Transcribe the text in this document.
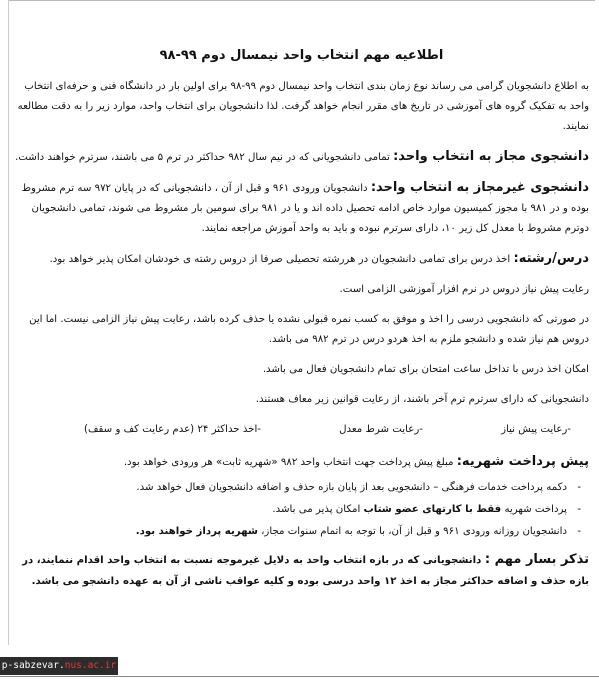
اطلاعیه مهم انتخاب واحد نیمسال دوم ۹۹-۹۸

به اطلاع دانشجویان گرامی می رساند نوع زمان بندی انتخاب واحد نیمسال دوم ۹۹-۹۸ برای اولین بار در دانشگاه فنی و حرفه‌ای انتخاب واحد به تفکیک گروه های آموزشی در تاریخ های مقرر انجام خواهد گرفت. لذا دانشجویان برای انتخاب واحد، موارد زیر را به دقت مطالعه نمایند.

دانشجوی مجاز به انتخاب واحد: تمامی دانشجویانی که در نیم سال ۹۸۲ حداکثر در ترم ۵ می باشند، سرترم خواهند داشت.

دانشجوی غیرمجاز به انتخاب واحد: دانشجویان ورودی ۹۶۱ و قبل از آن ، دانشجویانی که در پایان ۹۷۲ سه ترم مشروط بوده و در ۹۸۱ با مجوز کمیسیون موارد خاص ادامه تحصیل داده اند و یا در ۹۸۱ برای سومین بار مشروط می شوند، تمامی دانشجویان دوترم مشروط با معدل کل زیر ۱۰، دارای سرترم نبوده و باید به واحد آموزش مراجعه نمایند.

درس/رشته: اخذ درس برای تمامی دانشجویان در هررشته تحصیلی صرفا از دروس رشته ی خودشان امکان پذیر خواهد بود.

رعایت پیش نیاز دروس در نرم افزار آموزشی الزامی است.

در صورتی که دانشجویی درسی را اخذ و موفق به کسب نمره قبولی نشده یا حذف کرده باشد، رعایت پیش نیاز الزامی نیست. اما این دروس هم نیاز شده و دانشجو ملزم به اخذ هردو درس در ترم ۹۸۲ می باشد.

امکان اخذ درس با تداخل ساعت امتحان برای تمام دانشجویان فعال می باشد.

دانشجویانی که دارای سرترم ترم آخر باشند، از رعایت قوانین زیر معاف هستند.

-رعایت پیش نیاز
-رعایت شرط معدل
-اخذ حداکثر ۲۴ (عدم رعایت کف و سقف)

پیش پرداخت شهریه: مبلغ پیش پرداخت جهت انتخاب واحد ۹۸۲ «شهریه ثابت» هر ورودی خواهد بود.

- دکمه پرداخت خدمات فرهنگی – دانشجویی بعد از پایان بازه حذف و اضافه دانشجویان فعال خواهد شد.
- پرداخت شهریه فقط با کارتهای عضو شتاب امکان پذیر می باشد.
- دانشجویان روزانه ورودی ۹۶۱ و قبل از آن، با توجه به اتمام سنوات مجاز، شهریه پرداز خواهند بود.
تذکر بسار مهم : دانشجویانی که در بازه انتخاب واحد به دلایل غیرموجه نسبت به انتخاب واحد اقدام ننمایند، در بازه حذف و اضافه حداکثر مجاز به اخذ ۱۲ واحد درسی بوده و کلیه عواقب ناشی از آن به عهده دانشجو می باشد.
p-sabzevar.nus.ac.ir
